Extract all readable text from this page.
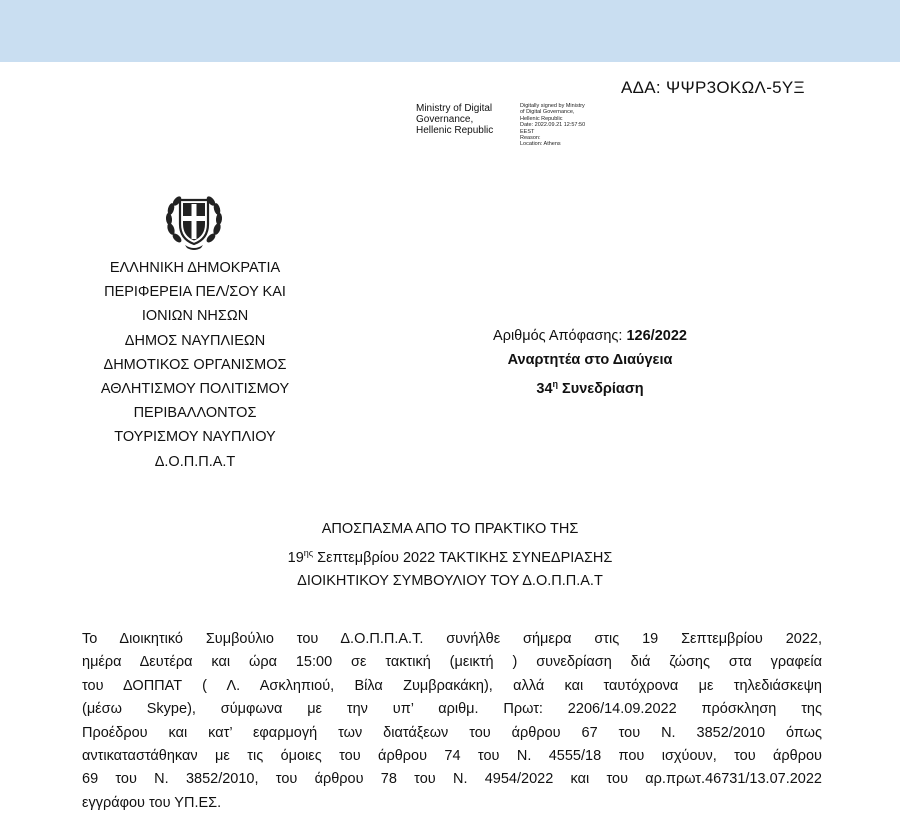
ΑΔΑ: ΨΨΡ3ΟΚΩΛ-5ΥΞ
Ministry of Digital
Governance,
Hellenic Republic
Digitally signed by Ministry
of Digital Governance,
Hellenic Republic
Date: 2022.09.21 12:57:50
EEST
Reason:
Location: Athens
ΕΛΛΗΝΙΚΗ ΔΗΜΟΚΡΑΤΙΑ
ΠΕΡΙΦΕΡΕΙΑ ΠΕΛ/ΣΟΥ ΚΑΙ
ΙΟΝΙΩΝ ΝΗΣΩΝ
ΔΗΜΟΣ ΝΑΥΠΛΙΕΩΝ
ΔΗΜΟΤΙΚΟΣ ΟΡΓΑΝΙΣΜΟΣ
ΑΘΛΗΤΙΣΜΟΥ ΠΟΛΙΤΙΣΜΟΥ
ΠΕΡΙΒΑΛΛΟΝΤΟΣ
ΤΟΥΡΙΣΜΟΥ ΝΑΥΠΛΙΟΥ
Δ.Ο.Π.Π.Α.Τ
Αριθμός Απόφασης: 126/2022
Αναρτητέα στο Διαύγεια
$34^\eta$ Συνεδρίαση
ΑΠΟΣΠΑΣΜΑ ΑΠΟ ΤΟ ΠΡΑΚΤΙΚΟ ΤΗΣ
$19^{\eta\varsigma}$ Σεπτεμβρίου 2022 ΤΑΚΤΙΚΗΣ ΣΥΝΕΔΡΙΑΣΗΣ
ΔΙΟΙΚΗΤΙΚΟΥ ΣΥΜΒΟΥΛΙΟΥ ΤΟΥ Δ.Ο.Π.Π.Α.Τ
Το Διοικητικό Συμβούλιο του Δ.Ο.Π.Π.Α.Τ. συνήλθε σήμερα στις 19 Σεπτεμβρίου 2022,
ημέρα Δευτέρα και ώρα 15:00 σε τακτική (μεικτή ) συνεδρίαση διά ζώσης στα γραφεία
του ΔΟΠΠΑΤ ( Λ. Ασκληπιού, Βίλα Ζυμβρακάκη), αλλά και ταυτόχρονα με τηλεδιάσκεψη
(μέσω Skype), σύμφωνα με την υπ’ αριθμ. Πρωτ: 2206/14.09.2022 πρόσκληση της
Προέδρου και κατ’ εφαρμογή των διατάξεων του άρθρου 67 του Ν. 3852/2010 όπως
αντικαταστάθηκαν με τις όμοιες του άρθρου 74 του Ν. 4555/18 που ισχύουν, του άρθρου
69 του Ν. 3852/2010, του άρθρου 78 του Ν. 4954/2022 και του αρ.πρωτ.46731/13.07.2022
εγγράφου του ΥΠ.ΕΣ.
